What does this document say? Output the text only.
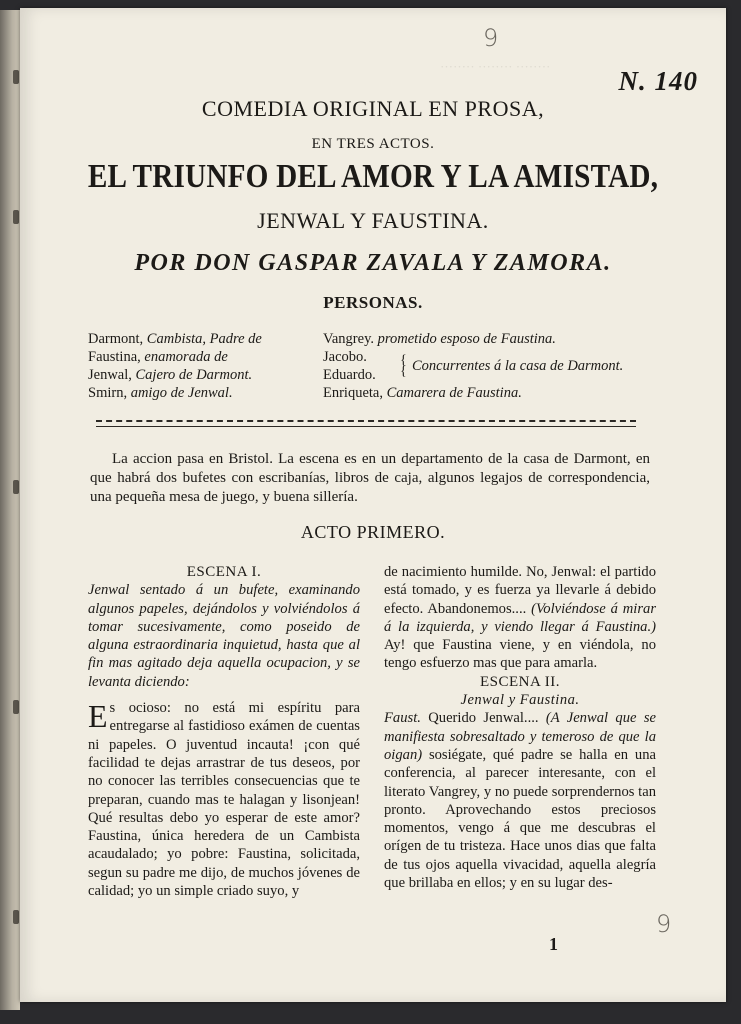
········ ········ ········
9
9
N. 140
COMEDIA ORIGINAL EN PROSA,
EN TRES ACTOS.
EL TRIUNFO DEL AMOR Y LA AMISTAD,
JENWAL Y FAUSTINA.
POR DON GASPAR ZAVALA Y ZAMORA.
PERSONAS.
Darmont, Cambista, Padre de
Faustina, enamorada de
Jenwal, Cajero de Darmont.
Smirn, amigo de Jenwal.
Vangrey. prometido esposo de Faustina.
Jacobo.
Eduardo.
Enriqueta, Camarera de Faustina.
{
{ Concurrentes á la casa de Darmont.
La accion pasa en Bristol. La escena es en un departamento de la casa de Darmont, en que habrá dos bufetes con escribanías, libros de caja, algunos legajos de correspondencia, una pequeña mesa de juego, y buena sillería.
ACTO PRIMERO.
ESCENA I.

Jenwal sentado á un bufete, examinando algunos papeles, dejándolos y volviéndolos á tomar sucesivamente, como poseido de alguna estraordinaria inquietud, hasta que al fin mas agitado deja aquella ocupacion, y se levanta diciendo:

Es ocioso: no está mi espíritu para entregarse al fastidioso exámen de cuentas ni papeles. O juventud incauta! ¡con qué facilidad te dejas arrastrar de tus deseos, por no conocer las terribles consecuencias que te preparan, cuando mas te halagan y lisonjean! Qué resultas debo yo esperar de este amor? Faustina, única heredera de un Cambista acaudalado; yo pobre: Faustina, solicitada, segun su padre me dijo, de muchos jóvenes de calidad; yo un simple criado suyo, y

de nacimiento humilde. No, Jenwal: el partido está tomado, y es fuerza ya llevarle á debido efecto. Abandonemos.... (Volviéndose á mirar á la izquierda, y viendo llegar á Faustina.) Ay! que Faustina viene, y en viéndola, no tengo esfuerzo mas que para amarla.

ESCENA II.
Jenwal y Faustina.

Faust. Querido Jenwal.... (A Jenwal que se manifiesta sobresaltado y temeroso de que la oigan) sosiégate, qué padre se halla en una conferencia, al parecer interesante, con el literato Vangrey, y no puede sorprendernos tan pronto. Aprovechando estos preciosos momentos, vengo á que me descubras el orígen de tu tristeza. Hace unos dias que falta de tus ojos aquella vivacidad, aquella alegría que brillaba en ellos; y en su lugar des-

1
